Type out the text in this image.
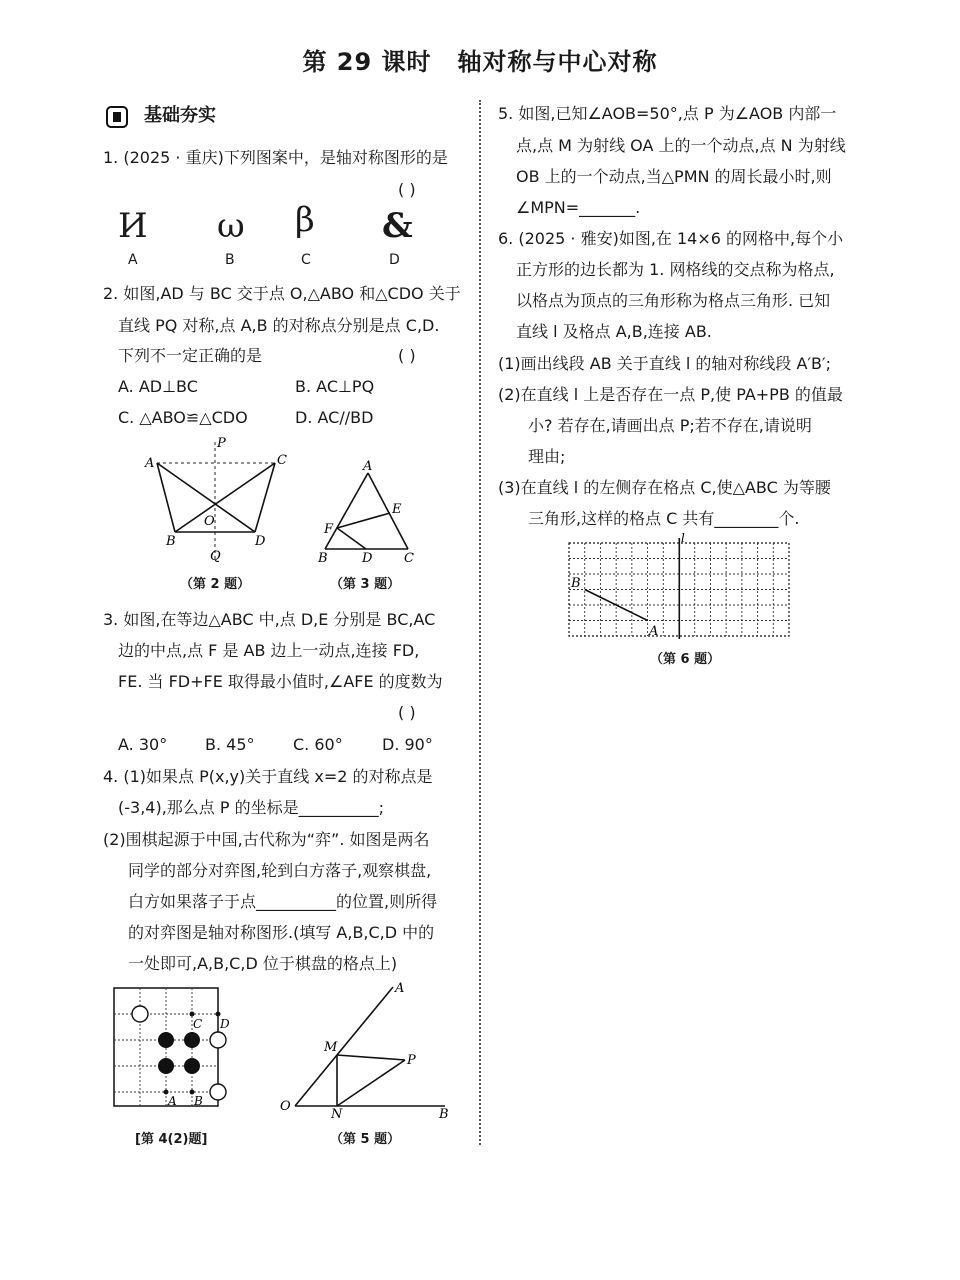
第 29 课时 轴对称与中心对称
基础夯实
1. (2025 · 重庆)下列图案中，是轴对称图形的是
( )
И ω β &
A	B	C	D
2. 如图,AD 与 BC 交于点 O,△ABO 和△CDO 关于
直线 PQ 对称,点 A,B 的对称点分别是点 C,D.
下列不一定正确的是	( )
A. AD⊥BC	B. AC⊥PQ
C. △ABO≌△CDO	D. AC//BD
A	C
P
O
B	D
Q
（第 2 题）
A
E
F
B	D C
（第 3 题）
3. 如图,在等边△ABC 中,点 D,E 分别是 BC,AC
边的中点,点 F 是 AB 边上一动点,连接 FD,
FE. 当 FD+FE 取得最小值时,∠AFE 的度数为
( )
A. 30° B. 45° C. 60° D. 90°
4. (1)如果点 P(x,y)关于直线 x=2 的对称点是
(-3,4),那么点 P 的坐标是__________;
(2)围棋起源于中国,古代称为“弈”. 如图是两名
同学的部分对弈图,轮到白方落子,观察棋盘,
白方如果落子于点__________的位置,则所得
的对弈图是轴对称图形.(填写 A,B,C,D 中的
一处即可,A,B,C,D 位于棋盘的格点上)
C D
A B
[第 4(2)题]
A
M
P
O
N	B
（第 5 题）
5. 如图,已知∠AOB=50°,点 P 为∠AOB 内部一
点,点 M 为射线 OA 上的一个动点,点 N 为射线
OB 上的一个动点,当△PMN 的周长最小时,则
∠MPN=_______.
6. (2025 · 雅安)如图,在 14×6 的网格中,每个小
正方形的边长都为 1. 网格线的交点称为格点,
以格点为顶点的三角形称为格点三角形. 已知
直线 l 及格点 A,B,连接 AB.
(1)画出线段 AB 关于直线 l 的轴对称线段 A′B′;
(2)在直线 l 上是否存在一点 P,使 PA+PB 的值最
小? 若存在,请画出点 P;若不存在,请说明
理由;
(3)在直线 l 的左侧存在格点 C,使△ABC 为等腰
三角形,这样的格点 C 共有________个.
l
B
A
（第 6 题）
